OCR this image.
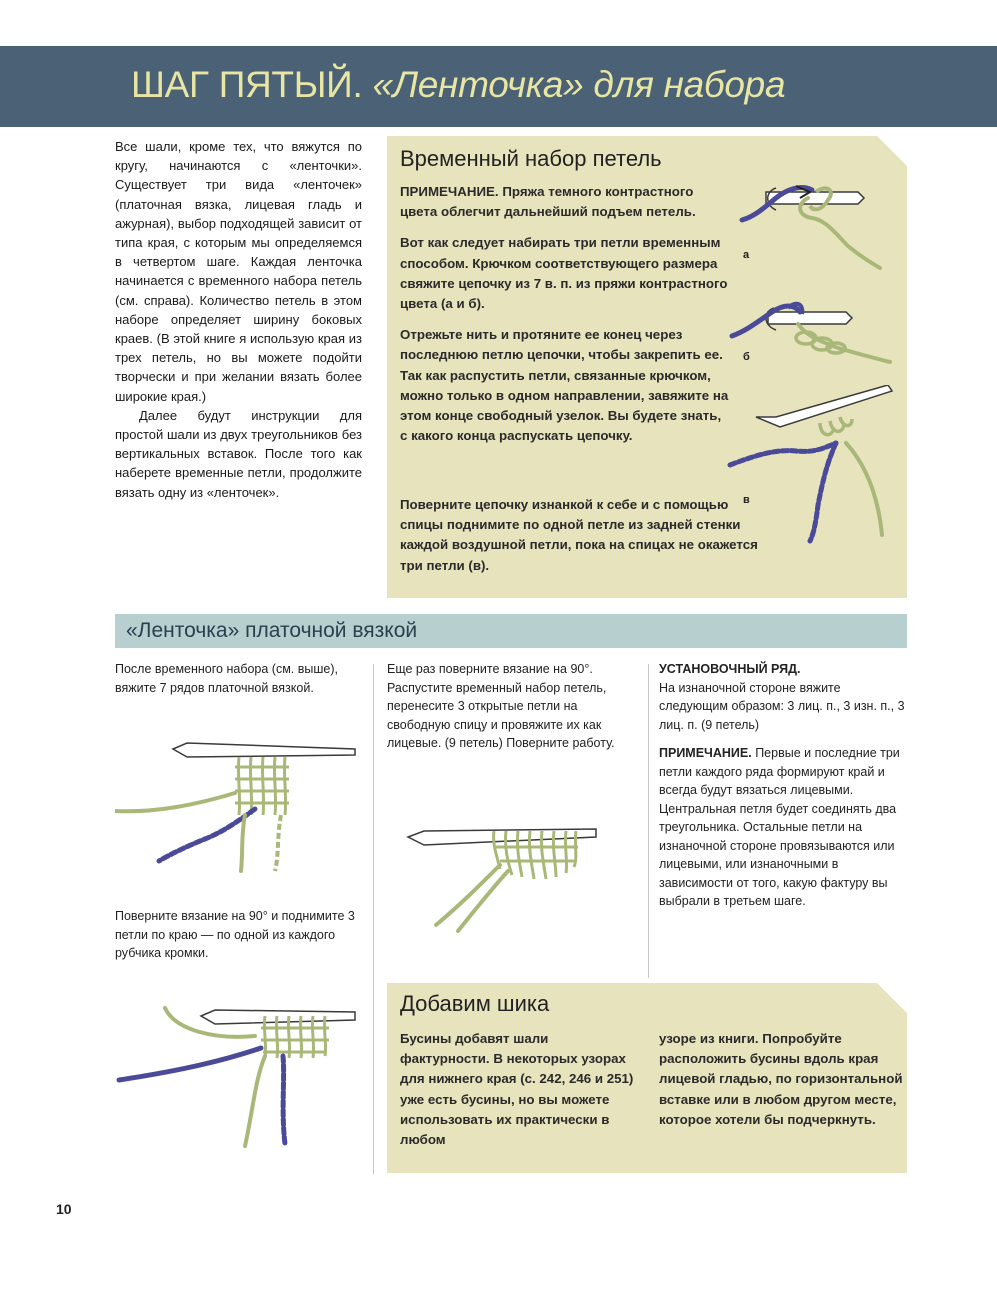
ШАГ ПЯТЫЙ. «Ленточка» для набора

Все шали, кроме тех, что вяжутся по кругу, начинаются с «ленточки». Существует три вида «ленточек» (платочная вязка, лицевая гладь и ажурная), выбор подходящей зависит от типа края, с которым мы определяемся в четвертом шаге. Каждая ленточка начинается с временного набора петель (см. справа). Количество петель в этом наборе определяет ширину боковых краев. (В этой книге я использую края из трех петель, но вы можете подойти творчески и при желании вязать более широкие края.)

Далее будут инструкции для простой шали из двух треугольников без вертикальных вставок. После того как наберете временные петли, продолжите вязать одну из «ленточек».

Временный набор петель

ПРИМЕЧАНИЕ. Пряжа темного контрастного цвета облегчит дальнейший подъем петель.

Вот как следует набирать три петли временным способом. Крючком соответствующего размера свяжите цепочку из 7 в. п. из пряжи контрастного цвета (а и б).

Отрежьте нить и протяните ее конец через последнюю петлю цепочки, чтобы закрепить ее. Так как распустить петли, связанные крючком, можно только в одном направлении, завяжите на этом конце свободный узелок. Вы будете знать, с какого конца распускать цепочку.

Поверните цепочку изнанкой к себе и с помощью спицы поднимите по одной петле из задней стенки каждой воздушной петли, пока на спицах не окажется три петли (в).

а
б
в
«Ленточка» платочной вязкой

После временного набора (см. выше), вяжите 7 рядов платочной вязкой.

Поверните вязание на 90° и поднимите 3 петли по краю — по одной из каждого рубчика кромки.

Еще раз поверните вязание на 90°. Распустите временный набор петель, перенесите 3 открытые петли на свободную спицу и провяжите их как лицевые. (9 петель) Поверните работу.

УСТАНОВОЧНЫЙ РЯД.

На изнаночной стороне вяжите следующим образом: 3 лиц. п., 3 изн. п., 3 лиц. п. (9 петель)

ПРИМЕЧАНИЕ. Первые и последние три петли каждого ряда формируют край и всегда будут вязаться лицевыми. Центральная петля будет соединять два треугольника. Остальные петли на изнаночной стороне провязываются или лицевыми, или изнаночными в зависимости от того, какую фактуру вы выбрали в третьем шаге.

Добавим шика

Бусины добавят шали фактурности. В некоторых узорах для нижнего края (с. 242, 246 и 251) уже есть бусины, но вы можете использовать их практически в любом

узоре из книги. Попробуйте расположить бусины вдоль края лицевой гладью, по горизонтальной вставке или в любом другом месте, которое хотели бы подчеркнуть.

10
